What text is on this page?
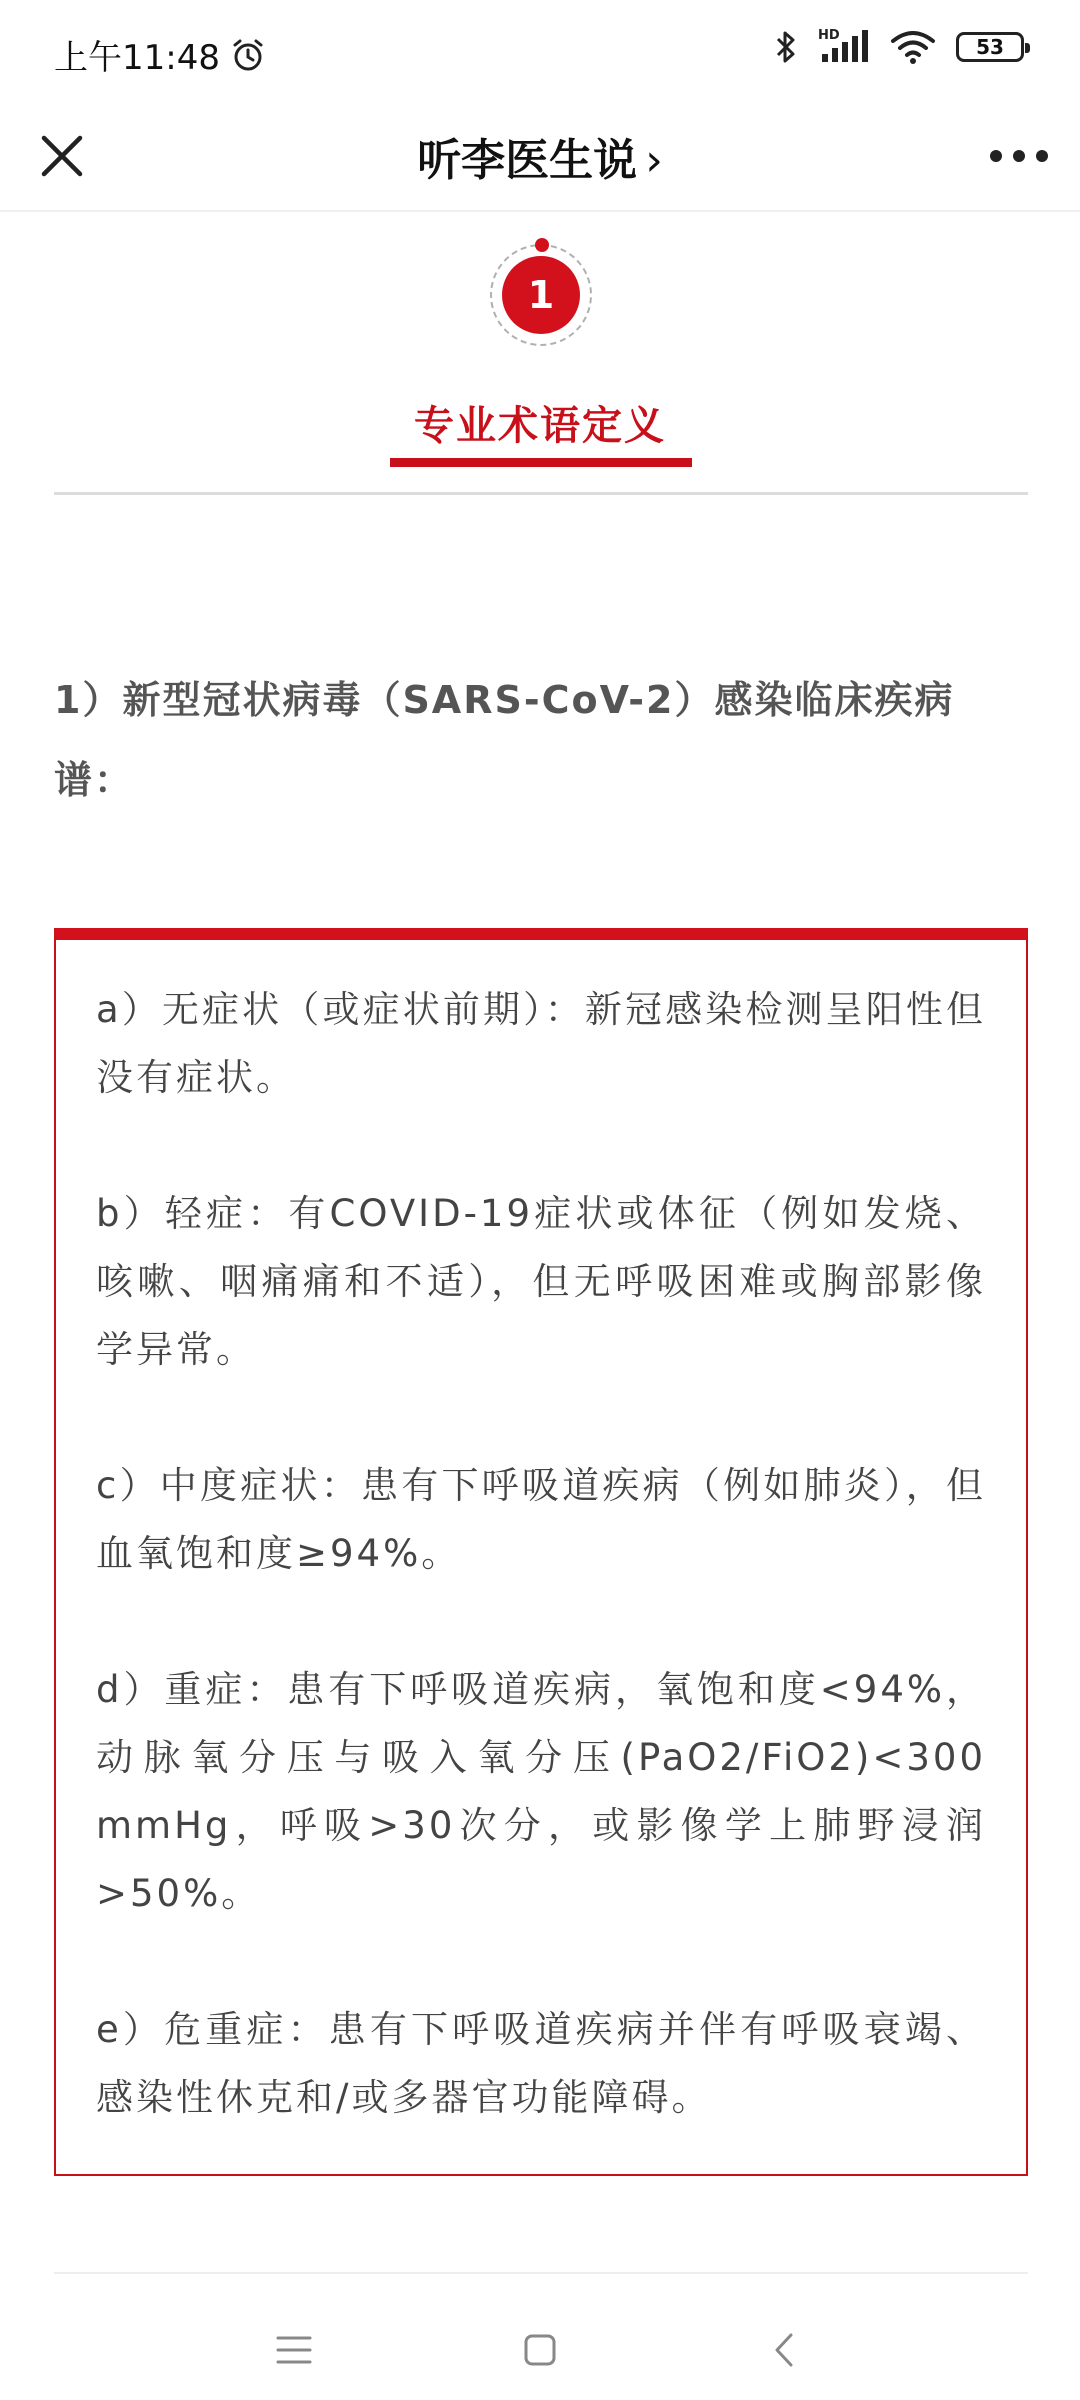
上午11:48
HD	53
听李医生说 ›
1
专业术语定义
1）新型冠状病毒（SARS-CoV-2）感染临床疾病谱：

a）无症状（或症状前期）：新冠感染检测呈阳性但没有症状。

b）轻症：有COVID-19症状或体征（例如发烧、咳嗽、咽痛痛和不适），但无呼吸困难或胸部影像学异常。

c）中度症状：患有下呼吸道疾病（例如肺炎），但血氧饱和度≥94%。

d）重症：患有下呼吸道疾病，氧饱和度<94%，动脉氧分压与吸入氧分压(PaO2/FiO2)<300 mmHg，呼吸>30次分，或影像学上肺野浸润>50%。

e）危重症：患有下呼吸道疾病并伴有呼吸衰竭、感染性休克和/或多器官功能障碍。
